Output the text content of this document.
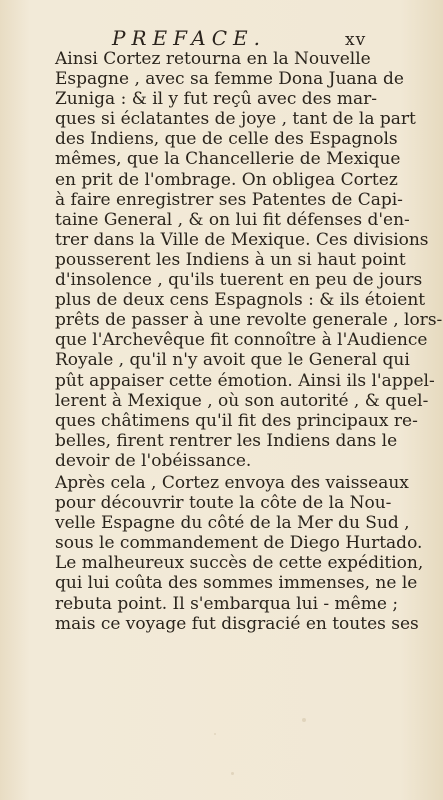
PREFACE.	xv
Ainsi Cortez retourna en la Nouvelle
Espagne , avec sa femme Dona Juana de
Zuniga : & il y fut reçû avec des mar-
ques si éclatantes de joye , tant de la part
des Indiens, que de celle des Espagnols
mêmes, que la Chancellerie de Mexique
en prit de l'ombrage. On obligea Cortez
à faire enregistrer ses Patentes de Capi-
taine General , & on lui fit défenses d'en-
trer dans la Ville de Mexique. Ces divisions
pousserent les Indiens à un si haut point
d'insolence , qu'ils tuerent en peu de jours
plus de deux cens Espagnols : & ils étoient
prêts de passer à une revolte generale , lors-
que l'Archevêque fit connoître à l'Audience
Royale , qu'il n'y avoit que le General qui
pût appaiser cette émotion. Ainsi ils l'appel-
lerent à Mexique , où son autorité , & quel-
ques châtimens qu'il fit des principaux re-
belles, firent rentrer les Indiens dans le
devoir de l'obéissance.
Après cela , Cortez envoya des vaisseaux
pour découvrir toute la côte de la Nou-
velle Espagne du côté de la Mer du Sud ,
sous le commandement de Diego Hurtado.
Le malheureux succès de cette expédition,
qui lui coûta des sommes immenses, ne le
rebuta point. Il s'embarqua lui - même ;
mais ce voyage fut disgracié en toutes ses
